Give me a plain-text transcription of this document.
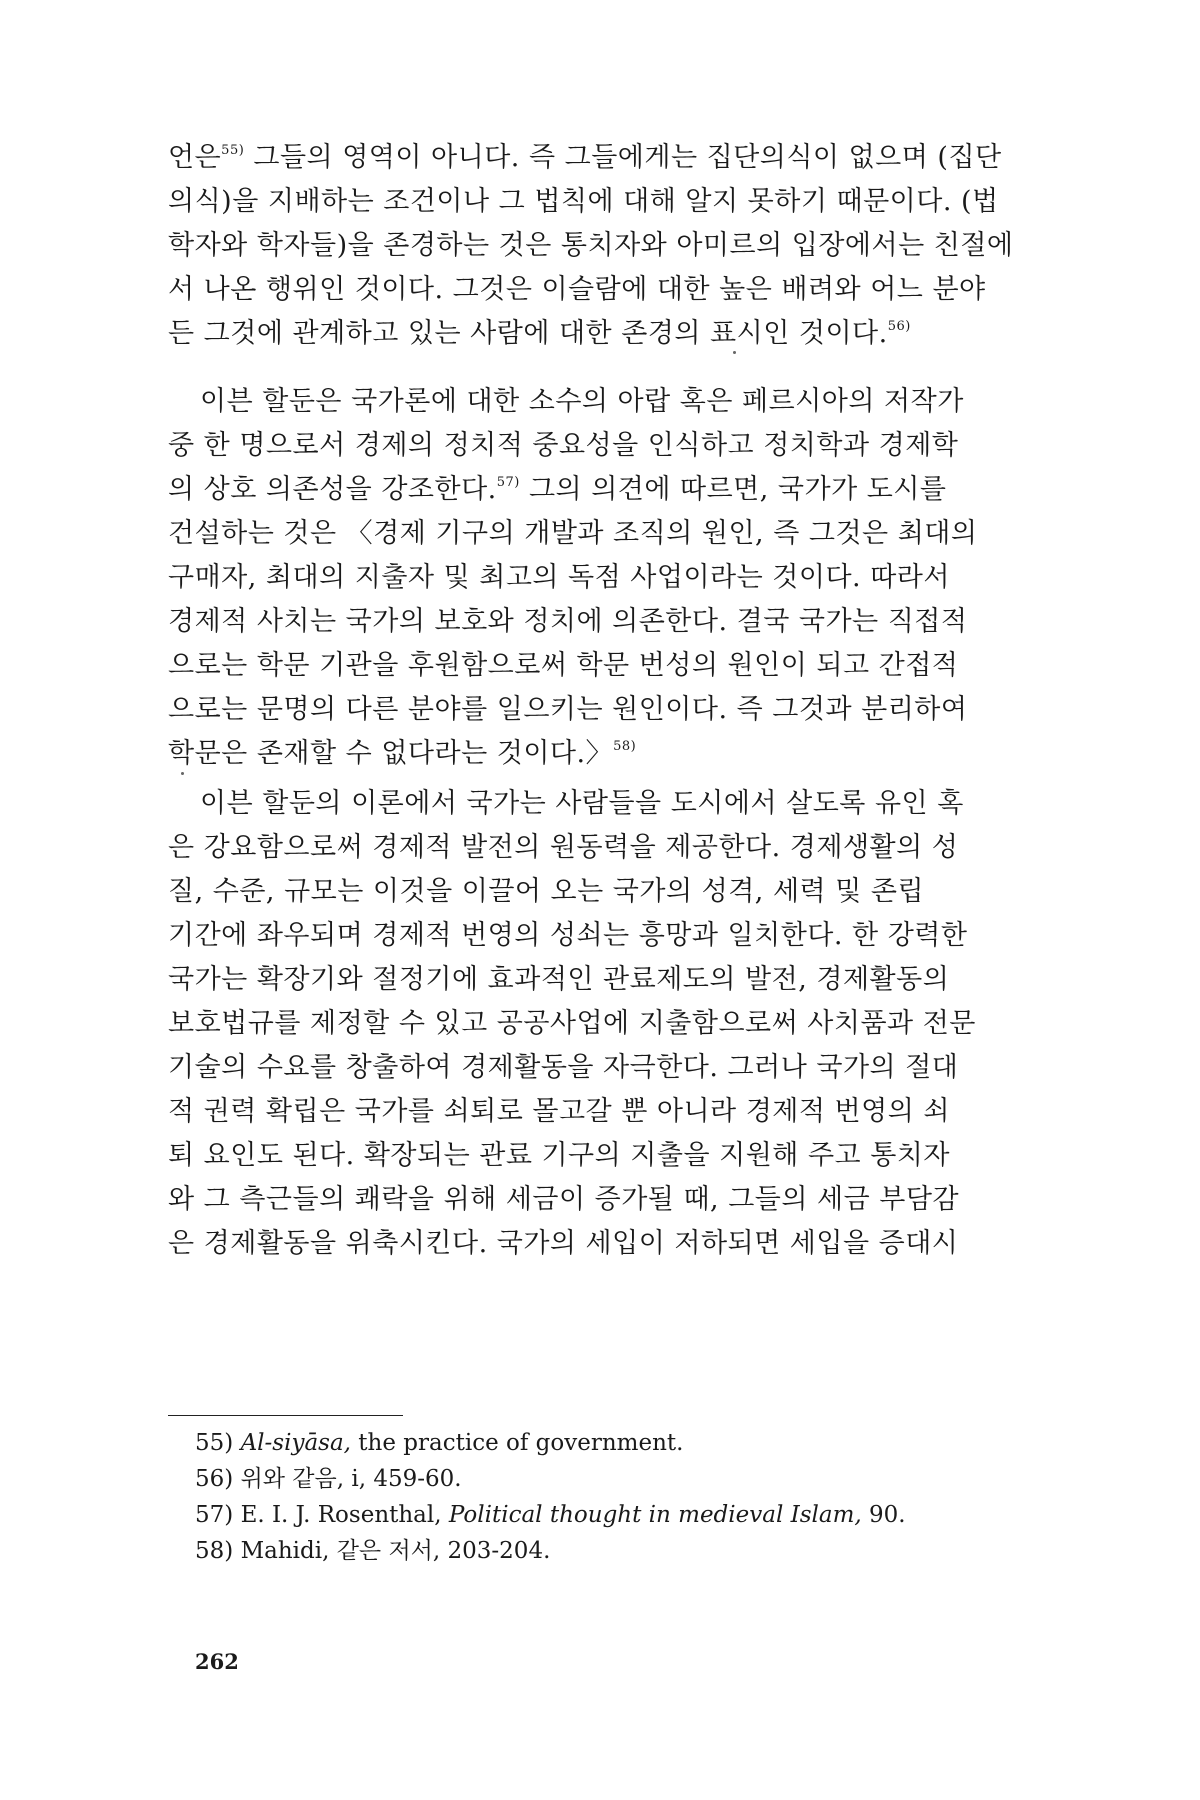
언은$^{55)}$ 그들의 영역이 아니다. 즉 그들에게는 집단의식이 없으며 (집단
의식)을 지배하는 조건이나 그 법칙에 대해 알지 못하기 때문이다. (법
학자와 학자들)을 존경하는 것은 통치자와 아미르의 입장에서는 친절에
서 나온 행위인 것이다. 그것은 이슬람에 대한 높은 배려와 어느 분야
든 그것에 관계하고 있는 사람에 대한 존경의 표시인 것이다.$^{56)}$
이븐 할둔은 국가론에 대한 소수의 아랍 혹은 페르시아의 저작가
중 한 명으로서 경제의 정치적 중요성을 인식하고 정치학과 경제학
의 상호 의존성을 강조한다.$^{57)}$ 그의 의견에 따르면, 국가가 도시를
건설하는 것은 〈경제 기구의 개발과 조직의 원인, 즉 그것은 최대의
구매자, 최대의 지출자 및 최고의 독점 사업이라는 것이다. 따라서
경제적 사치는 국가의 보호와 정치에 의존한다. 결국 국가는 직접적
으로는 학문 기관을 후원함으로써 학문 번성의 원인이 되고 간접적
으로는 문명의 다른 분야를 일으키는 원인이다. 즉 그것과 분리하여
학문은 존재할 수 없다라는 것이다.〉$^{58)}$
이븐 할둔의 이론에서 국가는 사람들을 도시에서 살도록 유인 혹
은 강요함으로써 경제적 발전의 원동력을 제공한다. 경제생활의 성
질, 수준, 규모는 이것을 이끌어 오는 국가의 성격, 세력 및 존립
기간에 좌우되며 경제적 번영의 성쇠는 흥망과 일치한다. 한 강력한
국가는 확장기와 절정기에 효과적인 관료제도의 발전, 경제활동의
보호법규를 제정할 수 있고 공공사업에 지출함으로써 사치품과 전문
기술의 수요를 창출하여 경제활동을 자극한다. 그러나 국가의 절대
적 권력 확립은 국가를 쇠퇴로 몰고갈 뿐 아니라 경제적 번영의 쇠
퇴 요인도 된다. 확장되는 관료 기구의 지출을 지원해 주고 통치자
와 그 측근들의 쾌락을 위해 세금이 증가될 때, 그들의 세금 부담감
은 경제활동을 위축시킨다. 국가의 세입이 저하되면 세입을 증대시
55) Al-siyāsa, the practice of government.
56) 위와 같음, i, 459-60.
57) E. I. J. Rosenthal, Political thought in medieval Islam, 90.
58) Mahidi, 같은 저서, 203-204.
262
